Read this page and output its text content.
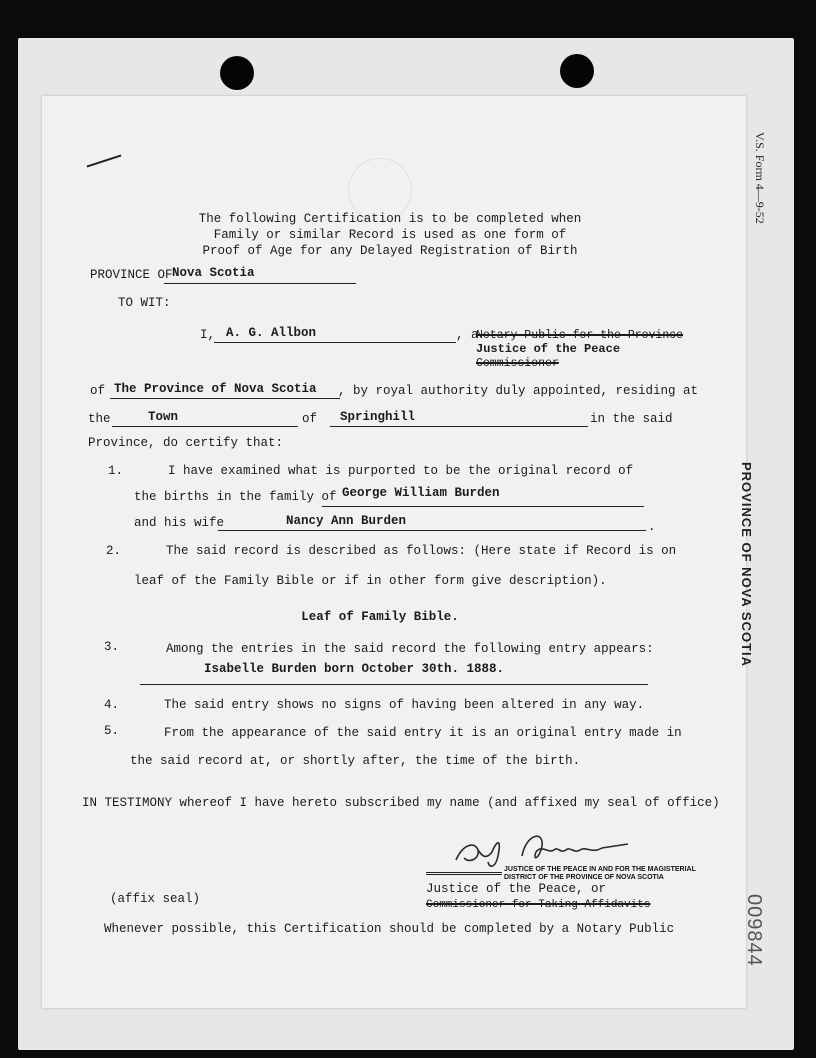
V.S. Form 4—9-52
PROVINCE OF NOVA SCOTIA
009844
The following Certification is to be completed when
Family or similar Record is used as one form of
Proof of Age for any Delayed Registration of Birth
PROVINCE OF Nova Scotia
TO WIT:
I, A. G. Allbon	, a
Notary Public for the Province
Justice of the Peace
Commissioner
of The Province of Nova Scotia , by royal authority duly appointed, residing at
the	Town	of Springhill	in the said
Province, do certify that:
1.	I have examined what is purported to be the original record of
the births in the family of George William Burden
and his wife	Nancy Ann Burden	.
2.	The said record is described as follows: (Here state if Record is on
leaf of the Family Bible or if in other form give description).
Leaf of Family Bible.
3.	Among the entries in the said record the following entry appears:
Isabelle Burden born October 30th. 1888.
4.	The said entry shows no signs of having been altered in any way.
5.	From the appearance of the said entry it is an original entry made in
the said record at, or shortly after, the time of the birth.
IN TESTIMONY whereof I have hereto subscribed my name (and affixed my seal of office)
JUSTICE OF THE PEACE IN AND FOR THE MAGISTERIAL
DISTRICT OF THE PROVINCE OF NOVA SCOTIA
Justice of the Peace, or
Commissioner for Taking Affidavits
(affix seal)
Whenever possible, this Certification should be completed by a Notary Public
